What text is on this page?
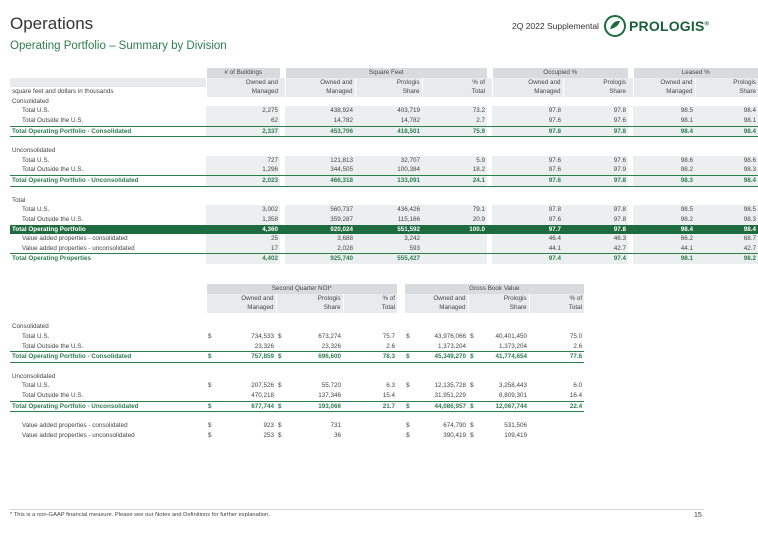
Operations
Operating Portfolio – Summary by Division
2Q 2022 Supplemental PROLOGIS®
	# of Buildings		Square Feet				Occupied %			Leased %	
	Owned and		Owned and	Prologis	% of		Owned and	Prologis		Owned and	Prologis
square feet and dollars in thousands	Managed		Managed	Share	Total		Managed	Share		Managed	Share
Consolidated											
Total U.S.	2,275		438,924	403,719	73.2		97.8	97.8		98.5	98.4
Total Outside the U.S.	62		14,782	14,782	2.7		97.6	97.6		98.1	98.1
Total Operating Portfolio - Consolidated	2,337		453,706	418,501	75.9		97.8	97.8		98.4	98.4

Unconsolidated											
Total U.S.	727		121,813	32,707	5.9		97.6	97.6		98.6	98.6
Total Outside the U.S.	1,296		344,505	100,384	18.2		97.6	97.9		98.2	98.3
Total Operating Portfolio - Unconsolidated	2,023		466,318	133,091	24.1		97.6	97.8		98.3	98.4

Total											
Total U.S.	3,002		560,737	436,426	79.1		97.8	97.8		98.5	98.5
Total Outside the U.S.	1,358		359,287	115,166	20.9		97.6	97.8		98.2	98.3
Total Operating Portfolio	4,360		920,024	551,592	100.0		97.7	97.8		98.4	98.4
Value added properties - consolidated	25		3,688	3,242			46.4	46.3		66.2	68.7
Value added properties - unconsolidated	17		2,028	593			44.1	42.7		44.1	42.7
Total Operating Properties	4,402		925,740	555,427			97.4	97.4		98.1	98.2
	Second Quarter NOI*						Gross Book Value				
	Owned and		Prologis		% of		Owned and		Prologis		% of
	Managed		Share		Total		Managed		Share		Total

Consolidated											
Total U.S.	$	734,533	$	673,274	75.7		$	43,976,066	$	40,401,450	75.0
Total Outside the U.S.		23,326		23,326	2.6			1,373,204		1,373,204	2.6
Total Operating Portfolio - Consolidated	$	757,859	$	696,600	78.3		$	45,349,270	$	41,774,654	77.6

Unconsolidated											
Total U.S.	$	207,526	$	55,720	6.3		$	12,135,728	$	3,258,443	6.0
Total Outside the U.S.		470,218		137,346	15.4			31,951,229		8,809,301	16.4
Total Operating Portfolio - Unconsolidated	$	677,744	$	193,066	21.7		$	44,086,957	$	12,067,744	22.4

Value added properties - consolidated	$	923	$	731			$	674,790	$	531,506	
Value added properties - unconsolidated	$	253	$	36			$	390,419	$	109,419	
* This is a non-GAAP financial measure. Please see our Notes and Definitions for further explanation.	15
